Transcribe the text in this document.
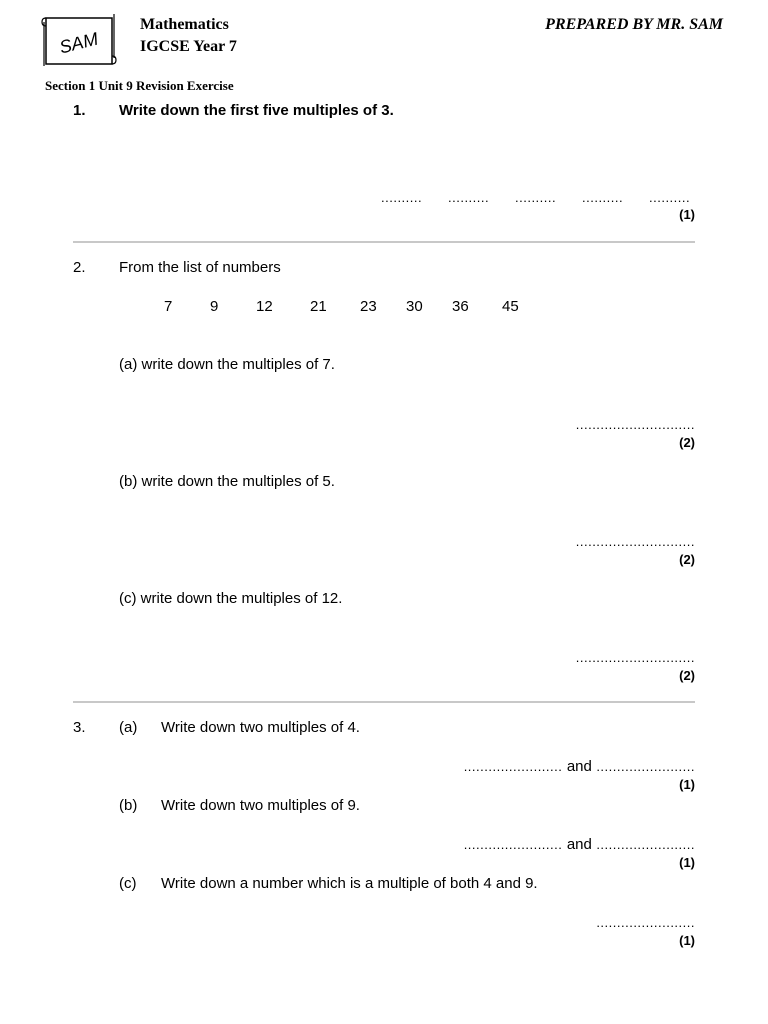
SAM
Mathematics
IGCSE Year 7
PREPARED BY MR. SAM
Section 1 Unit 9 Revision Exercise
1. Write down the first five multiples of 3.
.......... .......... .......... .......... ..........
(1)
2. From the list of numbers
7	9	12 21 23 30 36 45
(a) write down the multiples of 7.
.............................
(2)
(b) write down the multiples of 5.
.............................
(2)
(c) write down the multiples of 12.
.............................
(2)
3. (a) Write down two multiples of 4.
........................ and ........................
(1)
(b) Write down two multiples of 9.
........................ and ........................
(1)
(c) Write down a number which is a multiple of both 4 and 9.
........................
(1)
